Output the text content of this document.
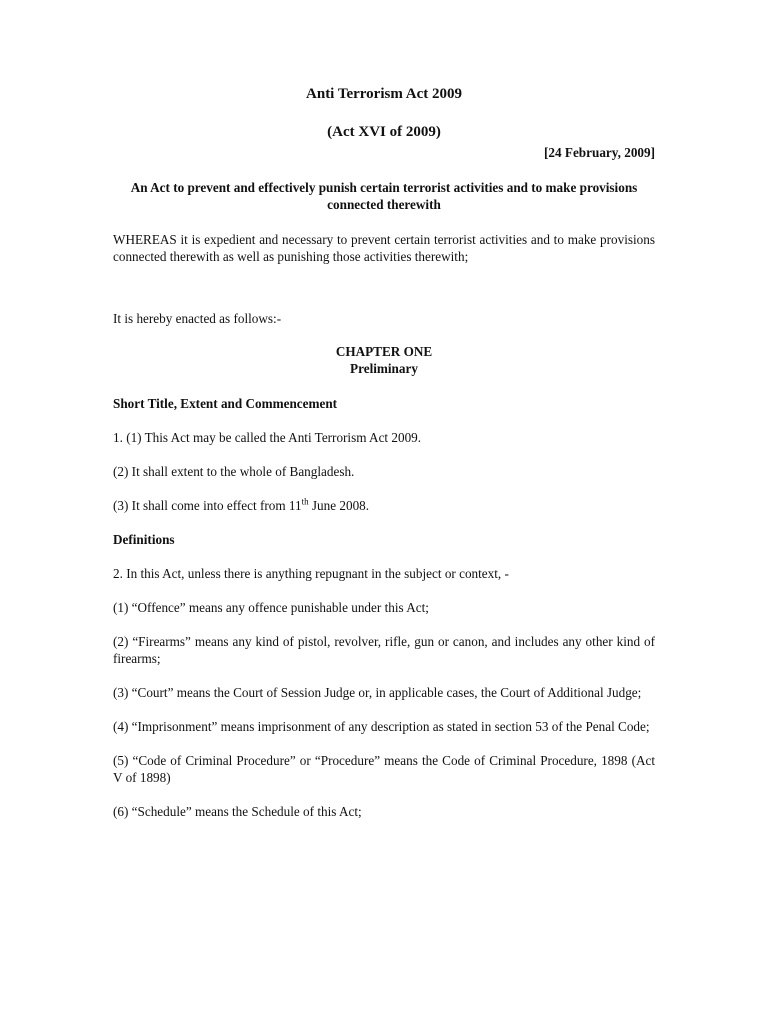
Anti Terrorism Act 2009

(Act XVI of 2009)

[24 February, 2009]

An Act to prevent and effectively punish certain terrorist activities and to make provisions connected therewith

WHEREAS it is expedient and necessary to prevent certain terrorist activities and to make provisions connected therewith as well as punishing those activities therewith;

It is hereby enacted as follows:-

CHAPTER ONE

Preliminary

Short Title, Extent and Commencement

1. (1) This Act may be called the Anti Terrorism Act 2009.

(2) It shall extent to the whole of Bangladesh.

(3) It shall come into effect from 11th June 2008.

Definitions

2. In this Act, unless there is anything repugnant in the subject or context, -

(1) “Offence” means any offence punishable under this Act;

(2) “Firearms” means any kind of pistol, revolver, rifle, gun or canon, and includes any other kind of firearms;

(3) “Court” means the Court of Session Judge or, in applicable cases, the Court of Additional Judge;

(4) “Imprisonment” means imprisonment of any description as stated in section 53 of the Penal Code;

(5) “Code of Criminal Procedure” or “Procedure” means the Code of Criminal Procedure, 1898 (Act V of 1898)

(6) “Schedule” means the Schedule of this Act;
